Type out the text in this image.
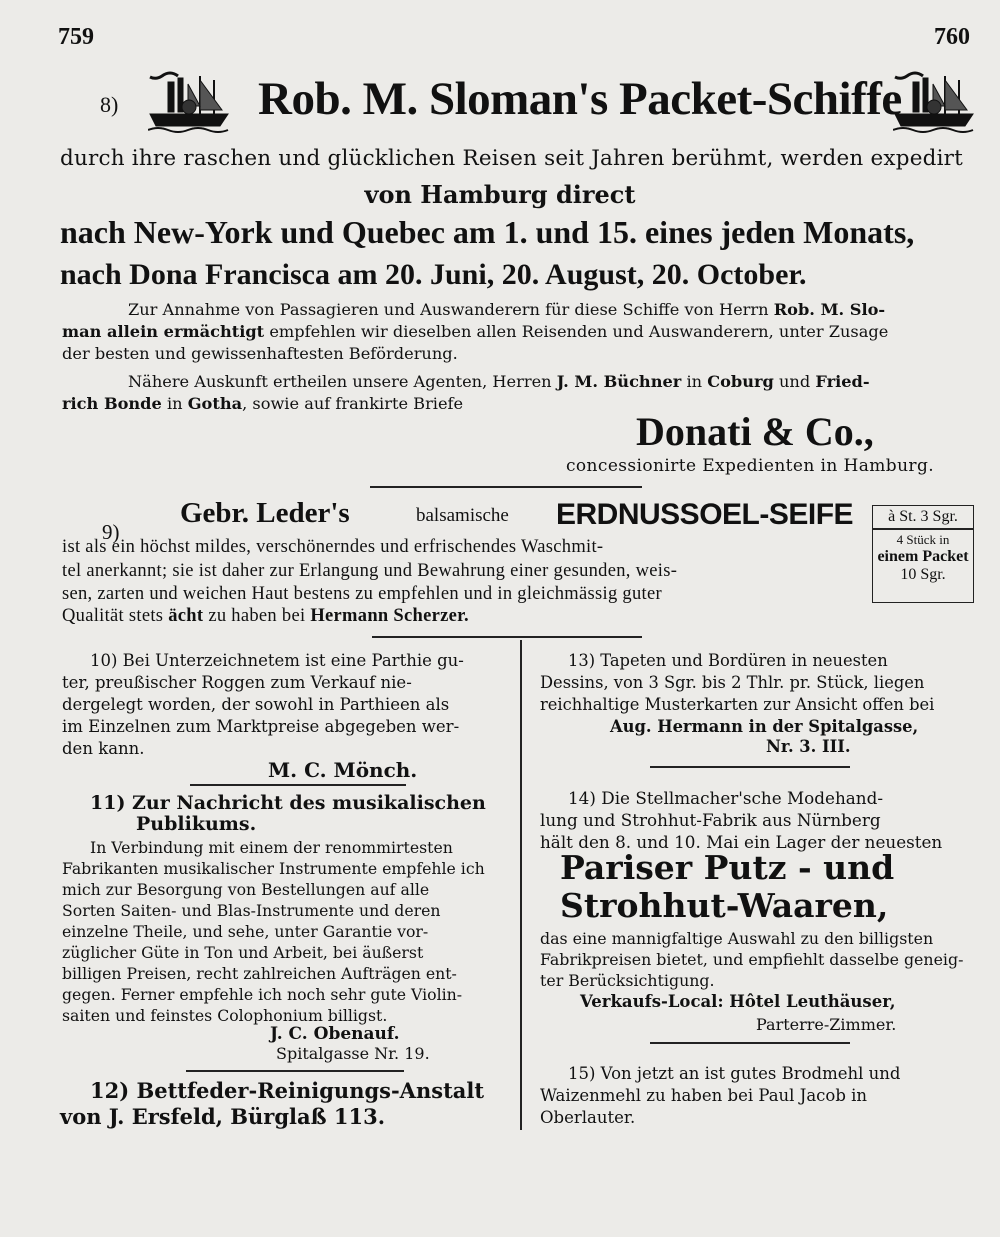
759	760
8)	Rob. M. Sloman's Packet-Schiffe
durch ihre raschen und glücklichen Reisen seit Jahren berühmt, werden expedirt
von Hamburg direct
nach New-York und Quebec am 1. und 15. eines jeden Monats,
nach Dona Francisca am 20. Juni, 20. August, 20. October.
Zur Annahme von Passagieren und Auswanderern für diese Schiffe von Herrn Rob. M. Slo-
man allein ermächtigt empfehlen wir dieselben allen Reisenden und Auswanderern, unter Zusage
der besten und gewissenhaftesten Beförderung.
Nähere Auskunft ertheilen unsere Agenten, Herren J. M. Büchner in Coburg und Fried-
rich Bonde in Gotha, sowie auf frankirte Briefe
Donati & Co.,
concessionirte Expedienten in Hamburg.
9)
Gebr. Leder's	balsamische ERDNUSSOEL-SEIFE	à St. 3 Sgr.
4 Stück in
einem Packet
10 Sgr.
ist als ein höchst mildes, verschönerndes und erfrischendes Waschmit-
tel anerkannt; sie ist daher zur Erlangung und Bewahrung einer gesunden, weis-
sen, zarten und weichen Haut bestens zu empfehlen und in gleichmässig guter
Qualität stets ächt zu haben bei Hermann Scherzer.
10) Bei Unterzeichnetem ist eine Parthie gu-
ter, preußischer Roggen zum Verkauf nie-
dergelegt worden, der sowohl in Parthieen als
im Einzelnen zum Marktpreise abgegeben wer-
den kann.
M. C. Mönch.
11) Zur Nachricht des musikalischen
Publikums.
In Verbindung mit einem der renommirtesten
Fabrikanten musikalischer Instrumente empfehle ich
mich zur Besorgung von Bestellungen auf alle
Sorten Saiten- und Blas-Instrumente und deren
einzelne Theile, und sehe, unter Garantie vor-
züglicher Güte in Ton und Arbeit, bei äußerst
billigen Preisen, recht zahlreichen Aufträgen ent-
gegen. Ferner empfehle ich noch sehr gute Violin-
saiten und feinstes Colophonium billigst.
J. C. Obenauf.
Spitalgasse Nr. 19.
12) Bettfeder-Reinigungs-Anstalt
von J. Ersfeld, Bürglaß 113.
13) Tapeten und Bordüren in neuesten
Dessins, von 3 Sgr. bis 2 Thlr. pr. Stück, liegen
reichhaltige Musterkarten zur Ansicht offen bei
Aug. Hermann in der Spitalgasse,
Nr. 3. III.
14) Die Stellmacher'sche Modehand-
lung und Strohhut-Fabrik aus Nürnberg
hält den 8. und 10. Mai ein Lager der neuesten
Pariser Putz - und
Strohhut-Waaren,
das eine mannigfaltige Auswahl zu den billigsten
Fabrikpreisen bietet, und empfiehlt dasselbe geneig-
ter Berücksichtigung.
Verkaufs-Local: Hôtel Leuthäuser,
Parterre-Zimmer.
15) Von jetzt an ist gutes Brodmehl und
Waizenmehl zu haben bei Paul Jacob in
Oberlauter.
